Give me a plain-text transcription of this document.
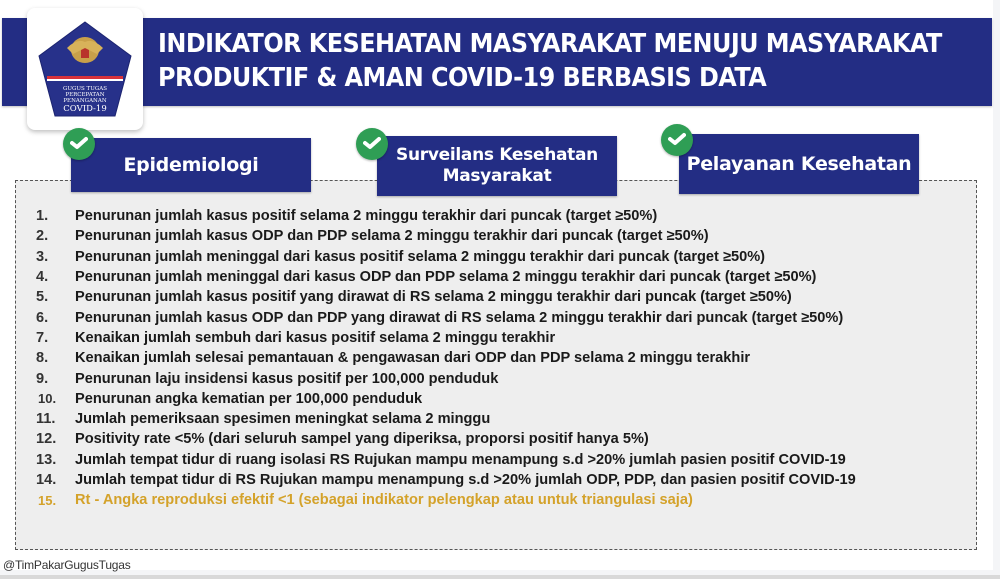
INDIKATOR KESEHATAN MASYARAKAT MENUJU MASYARAKAT
PRODUKTIF & AMAN COVID-19 BERBASIS DATA
GUGUS TUGAS
PERCEPATAN
PENANGANAN
COVID-19
Epidemiologi	Surveilans Kesehatan
Masyarakat
Pelayanan Kesehatan
1.	Penurunan jumlah kasus positif selama 2 minggu terakhir dari puncak (target ≥50%)
2.	Penurunan jumlah kasus ODP dan PDP selama 2 minggu terakhir dari puncak (target ≥50%)
3.	Penurunan jumlah meninggal dari kasus positif selama 2 minggu terakhir dari puncak (target ≥50%)
4.	Penurunan jumlah meninggal dari kasus ODP dan PDP selama 2 minggu terakhir dari puncak (target ≥50%)
5.	Penurunan jumlah kasus positif yang dirawat di RS selama 2 minggu terakhir dari puncak (target ≥50%)
6.	Penurunan jumlah kasus ODP dan PDP yang dirawat di RS selama 2 minggu terakhir dari puncak (target ≥50%)
7.	Kenaikan jumlah sembuh dari kasus positif selama 2 minggu terakhir
8.	Kenaikan jumlah selesai pemantauan & pengawasan dari ODP dan PDP selama 2 minggu terakhir
9.	Penurunan laju insidensi kasus positif per 100,000 penduduk
10.	Penurunan angka kematian per 100,000 penduduk
11.	Jumlah pemeriksaan spesimen meningkat selama 2 minggu
12.	Positivity rate <5% (dari seluruh sampel yang diperiksa, proporsi positif hanya 5%)
13.	Jumlah tempat tidur di ruang isolasi RS Rujukan mampu menampung s.d >20% jumlah pasien positif COVID-19
14.	Jumlah tempat tidur di RS Rujukan mampu menampung s.d >20% jumlah ODP, PDP, dan pasien positif COVID-19
15.	Rt - Angka reproduksi efektif <1 (sebagai indikator pelengkap atau untuk triangulasi saja)
@TimPakarGugusTugas
